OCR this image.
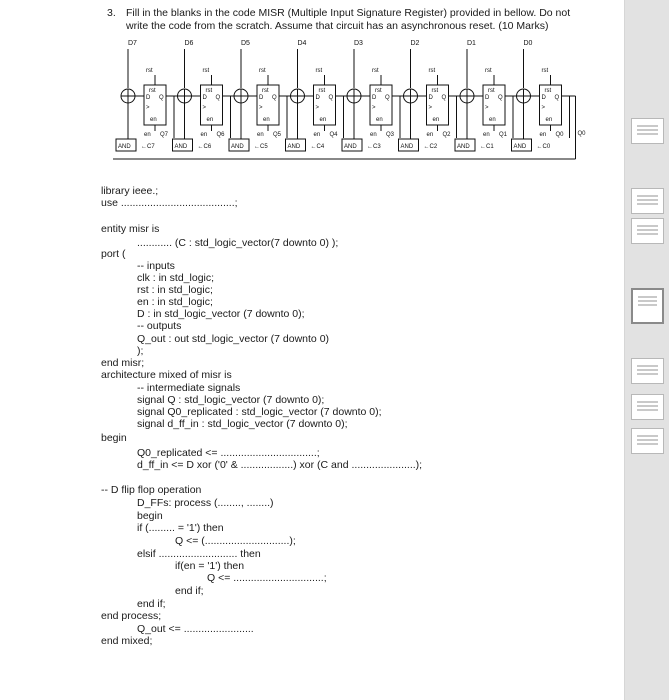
3. Fill in the blanks in the code MISR (Multiple Input Signature Register) provided in bellow. Do not
write the code from the scratch. Assume that circuit has an asynchronous reset. (10 Marks)
D7
rst
rst
D Q
>
en
en Q7
AND ←C7
D6
rst
rst
D Q
>
en
en Q6
AND ←C6
D5
rst
rst
D Q
>
en
en Q5
AND ←C5
D4
rst
rst
D Q
>
en
en Q4
AND ←C4
D3
rst
rst
D Q
>
en
en Q3
AND ←C3
D2
rst
rst
D Q
>
en
en Q2
AND ←C2
D1
rst
rst
D Q
>
en
en Q1
AND ←C1
D0
rst
rst
D Q
>
en
en Q0
AND ←C0
Q0
library ieee.;
use .......................................;
entity misr is
............ (C : std_logic_vector(7 downto 0) );
port (
-- inputs
clk : in std_logic;
rst : in std_logic;
en : in std_logic;
D : in std_logic_vector (7 downto 0);
-- outputs
Q_out : out std_logic_vector (7 downto 0)
);
end misr;
architecture mixed of misr is
-- intermediate signals
signal Q : std_logic_vector (7 downto 0);
signal Q0_replicated : std_logic_vector (7 downto 0);
signal d_ff_in : std_logic_vector (7 downto 0);
begin
Q0_replicated <= .................................;
d_ff_in <= D xor ('0' & ..................) xor (C and ......................);
-- D flip flop operation
D_FFs: process (........, ........)
begin
if (......... = '1') then
Q <= (.............................);
elsif ........................... then
if(en = '1') then
Q <= ...............................;
end if;
end if;
end process;
Q_out <= ........................
end mixed;
